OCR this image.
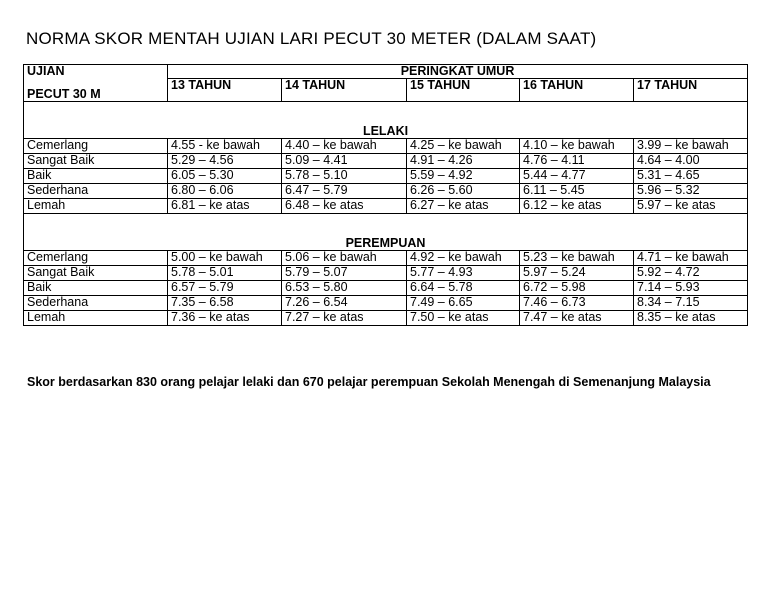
NORMA SKOR MENTAH UJIAN LARI PECUT 30 METER (DALAM SAAT)
UJIAN
PECUT 30 M	PERINGKAT UMUR				
	13 TAHUN	14 TAHUN	15 TAHUN	16 TAHUN	17 TAHUN
LELAKI					
Cemerlang	4.55 - ke bawah	4.40 – ke bawah	4.25 – ke bawah	4.10 – ke bawah	3.99 – ke bawah
Sangat Baik	5.29 – 4.56	5.09 – 4.41	4.91 – 4.26	4.76 – 4.11	4.64 – 4.00
Baik	6.05 – 5.30	5.78 – 5.10	5.59 – 4.92	5.44 – 4.77	5.31 – 4.65
Sederhana	6.80 – 6.06	6.47 – 5.79	6.26 – 5.60	6.11 – 5.45	5.96 – 5.32
Lemah	6.81 – ke atas	6.48 – ke atas	6.27 – ke atas	6.12 – ke atas	5.97 – ke atas
PEREMPUAN					
Cemerlang	5.00 – ke bawah	5.06 – ke bawah	4.92 – ke bawah	5.23 – ke bawah	4.71 – ke bawah
Sangat Baik	5.78 – 5.01	5.79 – 5.07	5.77 – 4.93	5.97 – 5.24	5.92 – 4.72
Baik	6.57 – 5.79	6.53 – 5.80	6.64 – 5.78	6.72 – 5.98	7.14 – 5.93
Sederhana	7.35 – 6.58	7.26 – 6.54	7.49 – 6.65	7.46 – 6.73	8.34 – 7.15
Lemah	7.36 – ke atas	7.27 – ke atas	7.50 – ke atas	7.47 – ke atas	8.35 – ke atas
Skor berdasarkan 830 orang pelajar lelaki dan 670 pelajar perempuan Sekolah Menengah di Semenanjung Malaysia
